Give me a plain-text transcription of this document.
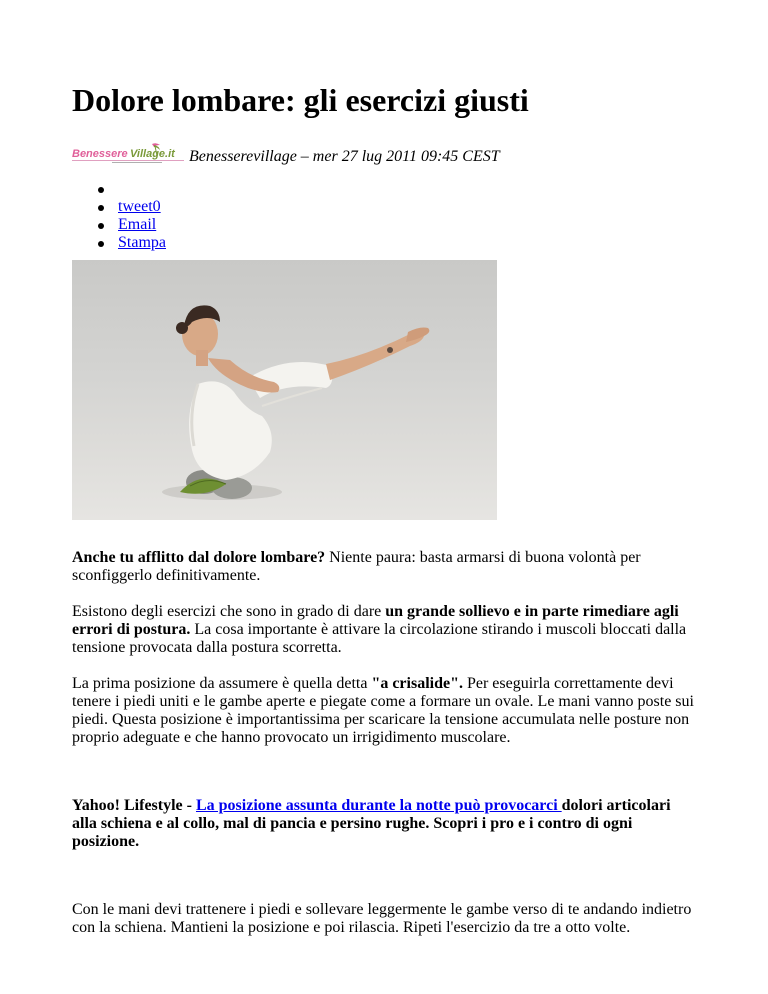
Dolore lombare: gli esercizi giusti
Benessere Village.it Benesserevillage – mer 27 lug 2011 09:45 CEST
tweet0
Email
Stampa

Anche tu afflitto dal dolore lombare? Niente paura: basta armarsi di buona volontà per sconfiggerlo definitivamente.

Esistono degli esercizi che sono in grado di dare un grande sollievo e in parte rimediare agli errori di postura. La cosa importante è attivare la circolazione stirando i muscoli bloccati dalla tensione provocata dalla postura scorretta.

La prima posizione da assumere è quella detta "a crisalide". Per eseguirla correttamente devi tenere i piedi uniti e le gambe aperte e piegate come a formare un ovale. Le mani vanno poste sui piedi. Questa posizione è importantissima per scaricare la tensione accumulata nelle posture non proprio adeguate e che hanno provocato un irrigidimento muscolare.

Yahoo! Lifestyle - La posizione assunta durante la notte può provocarci dolori articolari alla schiena e al collo, mal di pancia e persino rughe. Scopri i pro e i contro di ogni posizione.

Con le mani devi trattenere i piedi e sollevare leggermente le gambe verso di te andando indietro con la schiena. Mantieni la posizione e poi rilascia. Ripeti l'esercizio da tre a otto volte.
